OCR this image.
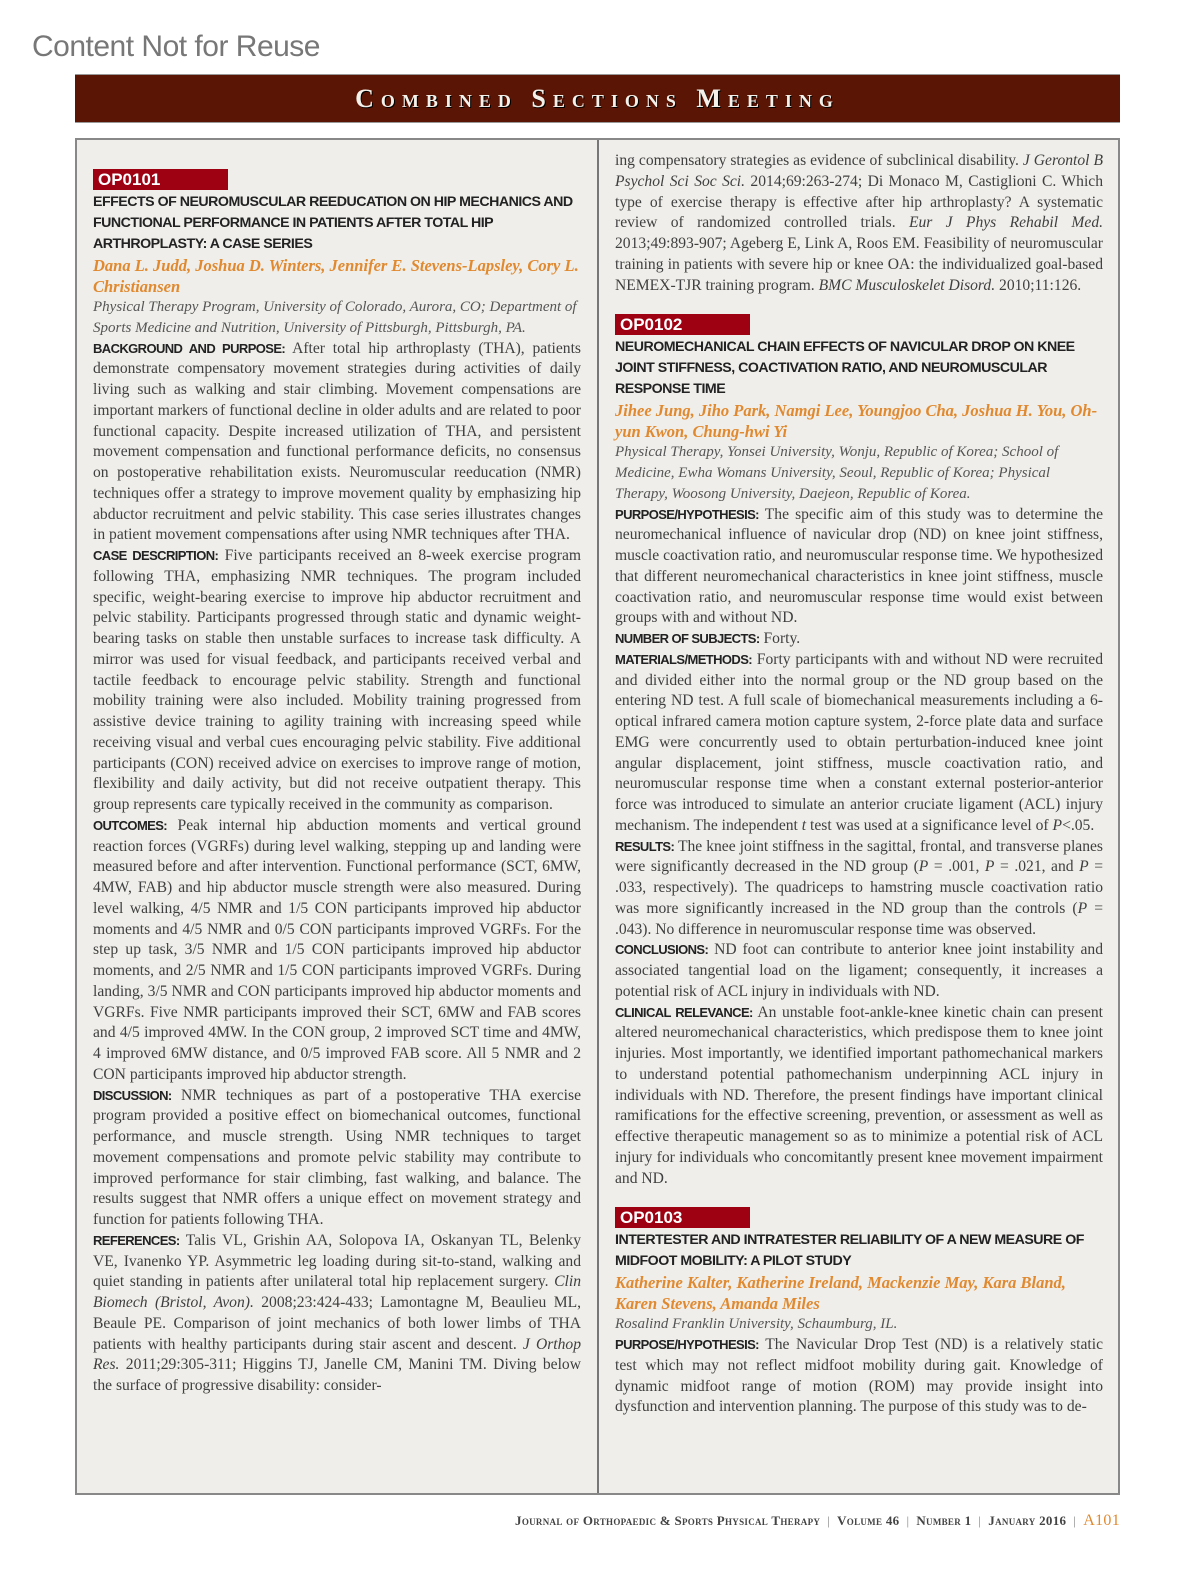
Content Not for Reuse
Combined Sections Meeting
OP0101

EFFECTS OF NEUROMUSCULAR REEDUCATION ON HIP MECHANICS AND FUNCTIONAL PERFORMANCE IN PATIENTS AFTER TOTAL HIP ARTHROPLASTY: A CASE SERIES

Dana L. Judd, Joshua D. Winters, Jennifer E. Stevens-Lapsley, Cory L. Christiansen

Physical Therapy Program, University of Colorado, Aurora, CO; Department of Sports Medicine and Nutrition, University of Pittsburgh, Pittsburgh, PA.

BACKGROUND AND PURPOSE: After total hip arthroplasty (THA), patients demonstrate compensatory movement strategies during activities of daily living such as walking and stair climbing. Movement compensations are important markers of functional decline in older adults and are related to poor functional capacity. Despite increased utilization of THA, and persistent movement compensation and functional performance deficits, no consensus on postoperative rehabilitation exists. Neuromuscular reeducation (NMR) techniques offer a strategy to improve movement quality by emphasizing hip abductor recruitment and pelvic stability. This case series illustrates changes in patient movement compensations after using NMR techniques after THA.

CASE DESCRIPTION: Five participants received an 8-week exercise program following THA, emphasizing NMR techniques. The program included specific, weight-bearing exercise to improve hip abductor recruitment and pelvic stability. Participants progressed through static and dynamic weight-bearing tasks on stable then unstable surfaces to increase task difficulty. A mirror was used for visual feedback, and participants received verbal and tactile feedback to encourage pelvic stability. Strength and functional mobility training were also included. Mobility training progressed from assistive device training to agility training with increasing speed while receiving visual and verbal cues encouraging pelvic stability. Five additional participants (CON) received advice on exercises to improve range of motion, flexibility and daily activity, but did not receive outpatient therapy. This group represents care typically received in the community as comparison.

OUTCOMES: Peak internal hip abduction moments and vertical ground reaction forces (VGRFs) during level walking, stepping up and landing were measured before and after intervention. Functional performance (SCT, 6MW, 4MW, FAB) and hip abductor muscle strength were also measured. During level walking, 4/5 NMR and 1/5 CON participants improved hip abductor moments and 4/5 NMR and 0/5 CON participants improved VGRFs. For the step up task, 3/5 NMR and 1/5 CON participants improved hip abductor moments, and 2/5 NMR and 1/5 CON participants improved VGRFs. During landing, 3/5 NMR and CON participants improved hip abductor moments and VGRFs. Five NMR participants improved their SCT, 6MW and FAB scores and 4/5 improved 4MW. In the CON group, 2 improved SCT time and 4MW, 4 improved 6MW distance, and 0/5 improved FAB score. All 5 NMR and 2 CON participants improved hip abductor strength.

DISCUSSION: NMR techniques as part of a postoperative THA exercise program provided a positive effect on biomechanical outcomes, functional performance, and muscle strength. Using NMR techniques to target movement compensations and promote pelvic stability may contribute to improved performance for stair climbing, fast walking, and balance. The results suggest that NMR offers a unique effect on movement strategy and function for patients following THA.

REFERENCES: Talis VL, Grishin AA, Solopova IA, Oskanyan TL, Belenky VE, Ivanenko YP. Asymmetric leg loading during sit-to-stand, walking and quiet standing in patients after unilateral total hip replacement surgery. Clin Biomech (Bristol, Avon). 2008;23:424-433; Lamontagne M, Beaulieu ML, Beaule PE. Comparison of joint mechanics of both lower limbs of THA patients with healthy participants during stair ascent and descent. J Orthop Res. 2011;29:305-311; Higgins TJ, Janelle CM, Manini TM. Diving below the surface of progressive disability: consider-

ing compensatory strategies as evidence of subclinical disability. J Gerontol B Psychol Sci Soc Sci. 2014;69:263-274; Di Monaco M, Castiglioni C. Which type of exercise therapy is effective after hip arthroplasty? A systematic review of randomized controlled trials. Eur J Phys Rehabil Med. 2013;49:893-907; Ageberg E, Link A, Roos EM. Feasibility of neuromuscular training in patients with severe hip or knee OA: the individualized goal-based NEMEX-TJR training program. BMC Musculoskelet Disord. 2010;11:126.

OP0102

NEUROMECHANICAL CHAIN EFFECTS OF NAVICULAR DROP ON KNEE JOINT STIFFNESS, COACTIVATION RATIO, AND NEUROMUSCULAR RESPONSE TIME

Jihee Jung, Jiho Park, Namgi Lee, Youngjoo Cha, Joshua H. You, Oh-yun Kwon, Chung-hwi Yi

Physical Therapy, Yonsei University, Wonju, Republic of Korea; School of Medicine, Ewha Womans University, Seoul, Republic of Korea; Physical Therapy, Woosong University, Daejeon, Republic of Korea.

PURPOSE/HYPOTHESIS: The specific aim of this study was to determine the neuromechanical influence of navicular drop (ND) on knee joint stiffness, muscle coactivation ratio, and neuromuscular response time. We hypothesized that different neuromechanical characteristics in knee joint stiffness, muscle coactivation ratio, and neuromuscular response time would exist between groups with and without ND.

NUMBER OF SUBJECTS: Forty.

MATERIALS/METHODS: Forty participants with and without ND were recruited and divided either into the normal group or the ND group based on the entering ND test. A full scale of biomechanical measurements including a 6-optical infrared camera motion capture system, 2-force plate data and surface EMG were concurrently used to obtain perturbation-induced knee joint angular displacement, joint stiffness, muscle coactivation ratio, and neuromuscular response time when a constant external posterior-anterior force was introduced to simulate an anterior cruciate ligament (ACL) injury mechanism. The independent t test was used at a significance level of P<.05.

RESULTS: The knee joint stiffness in the sagittal, frontal, and transverse planes were significantly decreased in the ND group (P = .001, P = .021, and P = .033, respectively). The quadriceps to hamstring muscle coactivation ratio was more significantly increased in the ND group than the controls (P = .043). No difference in neuromuscular response time was observed.

CONCLUSIONS: ND foot can contribute to anterior knee joint instability and associated tangential load on the ligament; consequently, it increases a potential risk of ACL injury in individuals with ND.

CLINICAL RELEVANCE: An unstable foot-ankle-knee kinetic chain can present altered neuromechanical characteristics, which predispose them to knee joint injuries. Most importantly, we identified important pathomechanical markers to understand potential pathomechanism underpinning ACL injury in individuals with ND. Therefore, the present findings have important clinical ramifications for the effective screening, prevention, or assessment as well as effective therapeutic management so as to minimize a potential risk of ACL injury for individuals who concomitantly present knee movement impairment and ND.

OP0103

INTERTESTER AND INTRATESTER RELIABILITY OF A NEW MEASURE OF MIDFOOT MOBILITY: A PILOT STUDY

Katherine Kalter, Katherine Ireland, Mackenzie May, Kara Bland, Karen Stevens, Amanda Miles

Rosalind Franklin University, Schaumburg, IL.

PURPOSE/HYPOTHESIS: The Navicular Drop Test (ND) is a relatively static test which may not reflect midfoot mobility during gait. Knowledge of dynamic midfoot range of motion (ROM) may provide insight into dysfunction and intervention planning. The purpose of this study was to de-

Journal of Orthopaedic & Sports Physical Therapy | Volume 46 | Number 1 | January 2016 | A101
